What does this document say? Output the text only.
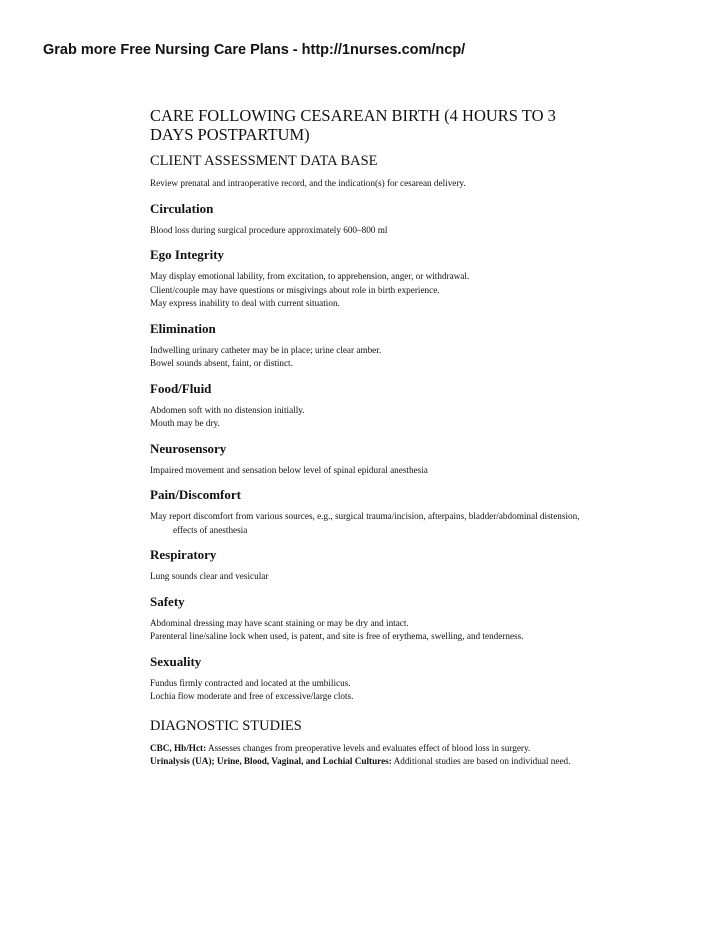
Grab more Free Nursing Care Plans - http://1nurses.com/ncp/
CARE FOLLOWING CESAREAN BIRTH (4 HOURS TO 3
DAYS POSTPARTUM)
CLIENT ASSESSMENT DATA BASE

Review prenatal and intraoperative record, and the indication(s) for cesarean delivery.

Circulation

Blood loss during surgical procedure approximately 600–800 ml

Ego Integrity

May display emotional lability, from excitation, to apprehension, anger, or withdrawal.

Client/couple may have questions or misgivings about role in birth experience.

May express inability to deal with current situation.

Elimination

Indwelling urinary catheter may be in place; urine clear amber.

Bowel sounds absent, faint, or distinct.

Food/Fluid

Abdomen soft with no distension initially.

Mouth may be dry.

Neurosensory

Impaired movement and sensation below level of spinal epidural anesthesia

Pain/Discomfort

May report discomfort from various sources, e.g., surgical trauma/incision, afterpains, bladder/abdominal distension,

effects of anesthesia

Respiratory

Lung sounds clear and vesicular

Safety

Abdominal dressing may have scant staining or may be dry and intact.

Parenteral line/saline lock when used, is patent, and site is free of erythema, swelling, and tenderness.

Sexuality

Fundus firmly contracted and located at the umbilicus.

Lochia flow moderate and free of excessive/large clots.

DIAGNOSTIC STUDIES

CBC, Hb/Hct: Assesses changes from preoperative levels and evaluates effect of blood loss in surgery.

Urinalysis (UA); Urine, Blood, Vaginal, and Lochial Cultures: Additional studies are based on individual need.
